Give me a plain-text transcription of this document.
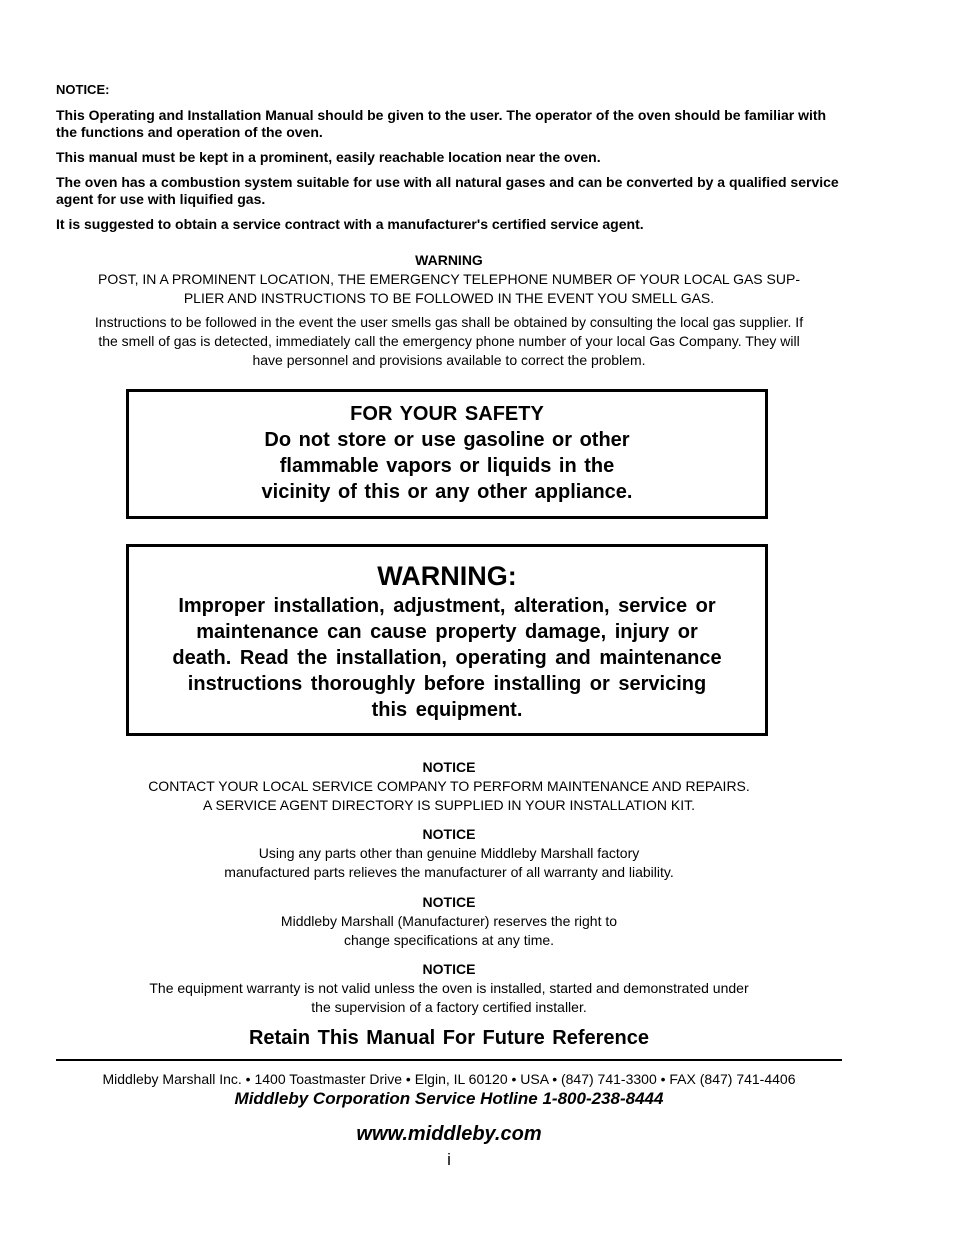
NOTICE:

This Operating and Installation Manual should be given to the user. The operator of the oven should be familiar with the functions and operation of the oven.

This manual must be kept in a prominent, easily reachable location near the oven.

The oven has a combustion system suitable for use with all natural gases and can be converted by a qualified service agent for use with liquified gas.

It is suggested to obtain a service contract with a manufacturer's certified service agent.

WARNING
POST, IN A PROMINENT LOCATION, THE EMERGENCY TELEPHONE NUMBER OF YOUR LOCAL GAS SUP-
PLIER AND INSTRUCTIONS TO BE FOLLOWED IN THE EVENT YOU SMELL GAS.
Instructions to be followed in the event the user smells gas shall be obtained by consulting the local gas supplier. If
the smell of gas is detected, immediately call the emergency phone number of your local Gas Company. They will
have personnel and provisions available to correct the problem.
FOR YOUR SAFETY
Do not store or use gasoline or other
flammable vapors or liquids in the
vicinity of this or any other appliance.
WARNING:
Improper installation, adjustment, alteration, service or
maintenance can cause property damage, injury or
death. Read the installation, operating and maintenance
instructions thoroughly before installing or servicing
this equipment.
NOTICE
CONTACT YOUR LOCAL SERVICE COMPANY TO PERFORM MAINTENANCE AND REPAIRS.
A SERVICE AGENT DIRECTORY IS SUPPLIED IN YOUR INSTALLATION KIT.
NOTICE
Using any parts other than genuine Middleby Marshall factory
manufactured parts relieves the manufacturer of all warranty and liability.
NOTICE
Middleby Marshall (Manufacturer) reserves the right to
change specifications at any time.
NOTICE
The equipment warranty is not valid unless the oven is installed, started and demonstrated under
the supervision of a factory certified installer.
Retain This Manual For Future Reference
Middleby Marshall Inc. • 1400 Toastmaster Drive • Elgin, IL 60120 • USA • (847) 741-3300 • FAX (847) 741-4406
Middleby Corporation Service Hotline 1-800-238-8444
www.middleby.com
i
